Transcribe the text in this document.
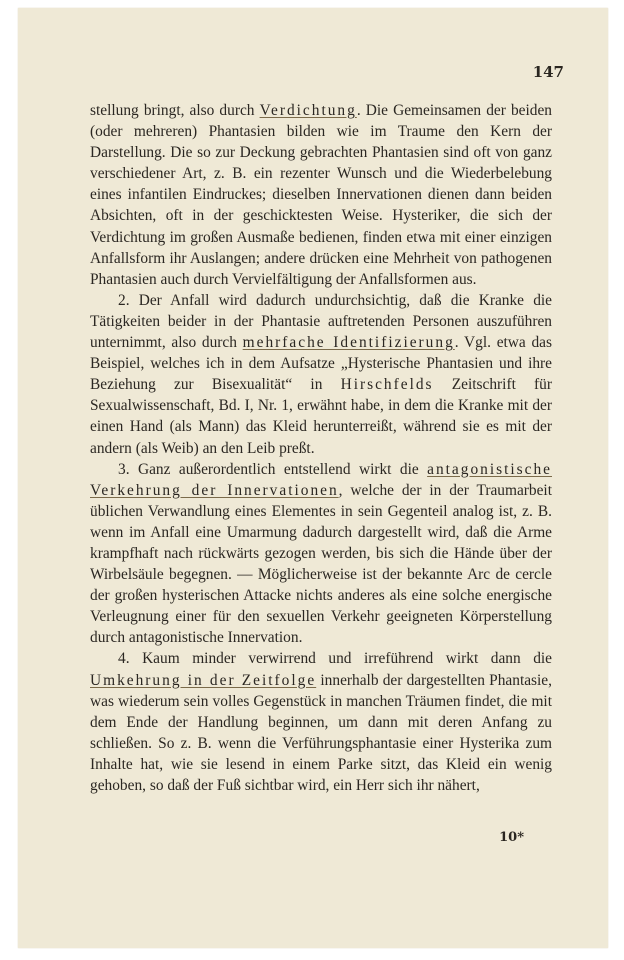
147

stellung bringt, also durch Verdichtung. Die Gemeinsamen der beiden (oder mehreren) Phantasien bilden wie im Traume den Kern der Darstellung. Die so zur Deckung gebrachten Phantasien sind oft von ganz verschiedener Art, z. B. ein rezenter Wunsch und die Wiederbelebung eines infantilen Eindruckes; dieselben Innervationen dienen dann beiden Absichten, oft in der geschicktesten Weise. Hysteriker, die sich der Verdichtung im großen Ausmaße bedienen, finden etwa mit einer einzigen Anfallsform ihr Auslangen; andere drücken eine Mehrheit von pathogenen Phantasien auch durch Vervielfältigung der Anfallsformen aus.

2. Der Anfall wird dadurch undurchsichtig, daß die Kranke die Tätigkeiten beider in der Phantasie auftretenden Personen auszuführen unternimmt, also durch mehrfache Identifizierung. Vgl. etwa das Beispiel, welches ich in dem Aufsatze „Hysterische Phantasien und ihre Beziehung zur Bisexualität“ in Hirschfelds Zeitschrift für Sexualwissenschaft, Bd. I, Nr. 1, erwähnt habe, in dem die Kranke mit der einen Hand (als Mann) das Kleid herunterreißt, während sie es mit der andern (als Weib) an den Leib preßt.

3. Ganz außerordentlich entstellend wirkt die antagonistische Verkehrung der Innervationen, welche der in der Traumarbeit üblichen Verwandlung eines Elementes in sein Gegenteil analog ist, z. B. wenn im Anfall eine Umarmung dadurch dargestellt wird, daß die Arme krampfhaft nach rückwärts gezogen werden, bis sich die Hände über der Wirbelsäule begegnen. — Möglicherweise ist der bekannte Arc de cercle der großen hysterischen Attacke nichts anderes als eine solche energische Verleugnung einer für den sexuellen Verkehr geeigneten Körperstellung durch antagonistische Innervation.

4. Kaum minder verwirrend und irreführend wirkt dann die Umkehrung in der Zeitfolge innerhalb der dargestellten Phantasie, was wiederum sein volles Gegenstück in manchen Träumen findet, die mit dem Ende der Handlung beginnen, um dann mit deren Anfang zu schließen. So z. B. wenn die Verführungsphantasie einer Hysterika zum Inhalte hat, wie sie lesend in einem Parke sitzt, das Kleid ein wenig gehoben, so daß der Fuß sichtbar wird, ein Herr sich ihr nähert,

10*
